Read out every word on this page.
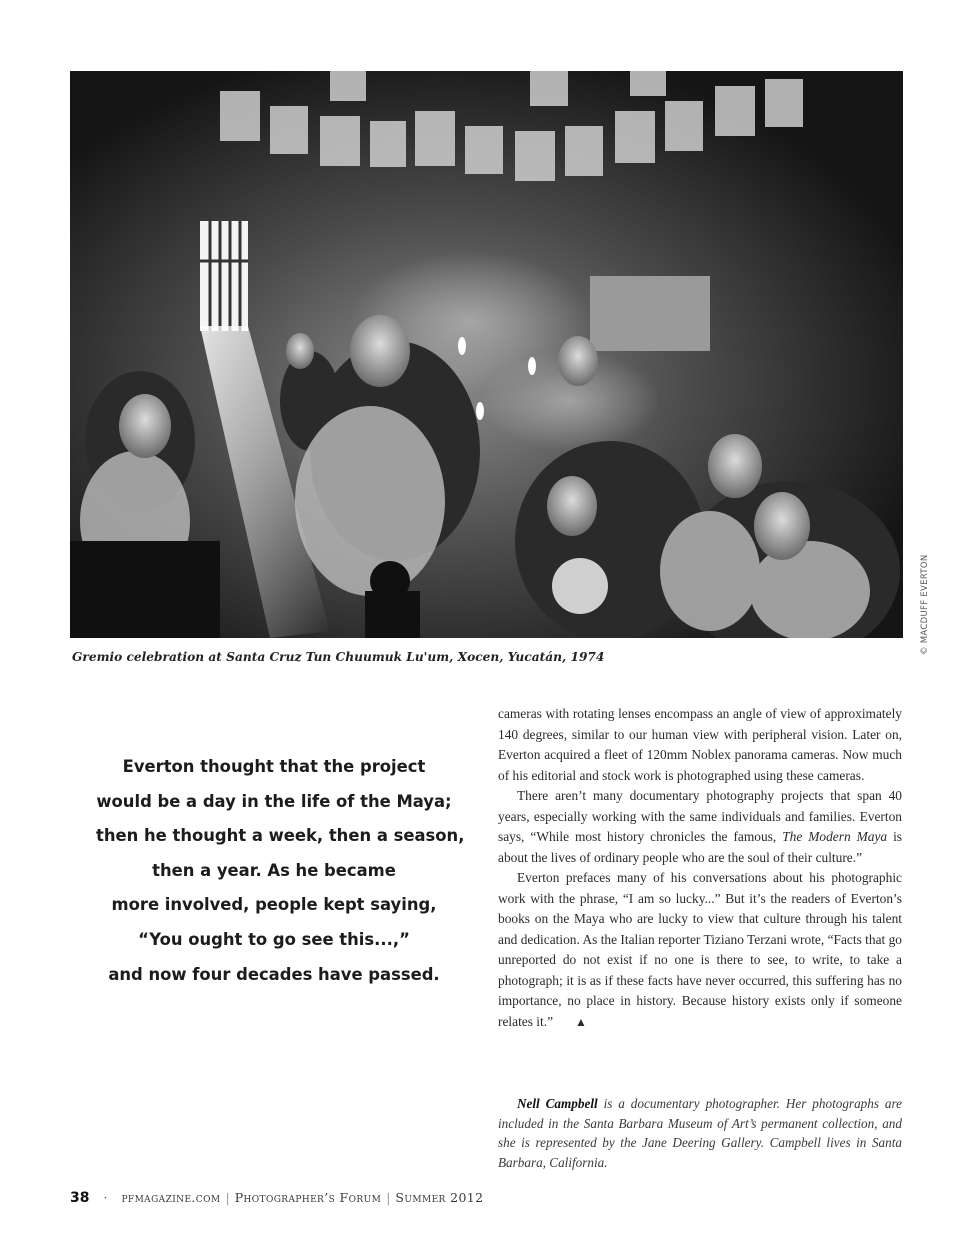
© MACDUFF EVERTON
Gremio celebration at Santa Cruz Tun Chuumuk Lu'um, Xocen, Yucatán, 1974
Everton thought that the project
would be a day in the life of the Maya;
then he thought a week, then a season,
then a year. As he became
more involved, people kept saying,
“You ought to go see this...,”
and now four decades have passed.

cameras with rotating lenses encompass an angle of view of approximately 140 degrees, similar to our human view with peripheral vision. Later on, Everton acquired a fleet of 120mm Noblex panorama cameras. Now much of his editorial and stock work is photographed using these cameras.

There aren’t many documentary photography projects that span 40 years, especially working with the same individuals and families. Everton says, “While most history chronicles the famous, The Modern Maya is about the lives of ordinary people who are the soul of their culture.”

Everton prefaces many of his conversations about his photographic work with the phrase, “I am so lucky...” But it’s the readers of Everton’s books on the Maya who are lucky to view that culture through his talent and dedication. As the Italian reporter Tiziano Terzani wrote, “Facts that go unreported do not exist if no one is there to see, to write, to take a photograph; it is as if these facts have never occurred, this suffering has no importance, no place in history. Because history exists only if someone relates it.” ▲

Nell Campbell is a documentary photographer. Her photographs are included in the Santa Barbara Museum of Art’s permanent collection, and she is represented by the Jane Deering Gallery. Campbell lives in Santa Barbara, California.
38 · pfmagazine.com | Photographer’s Forum | Summer 2012
